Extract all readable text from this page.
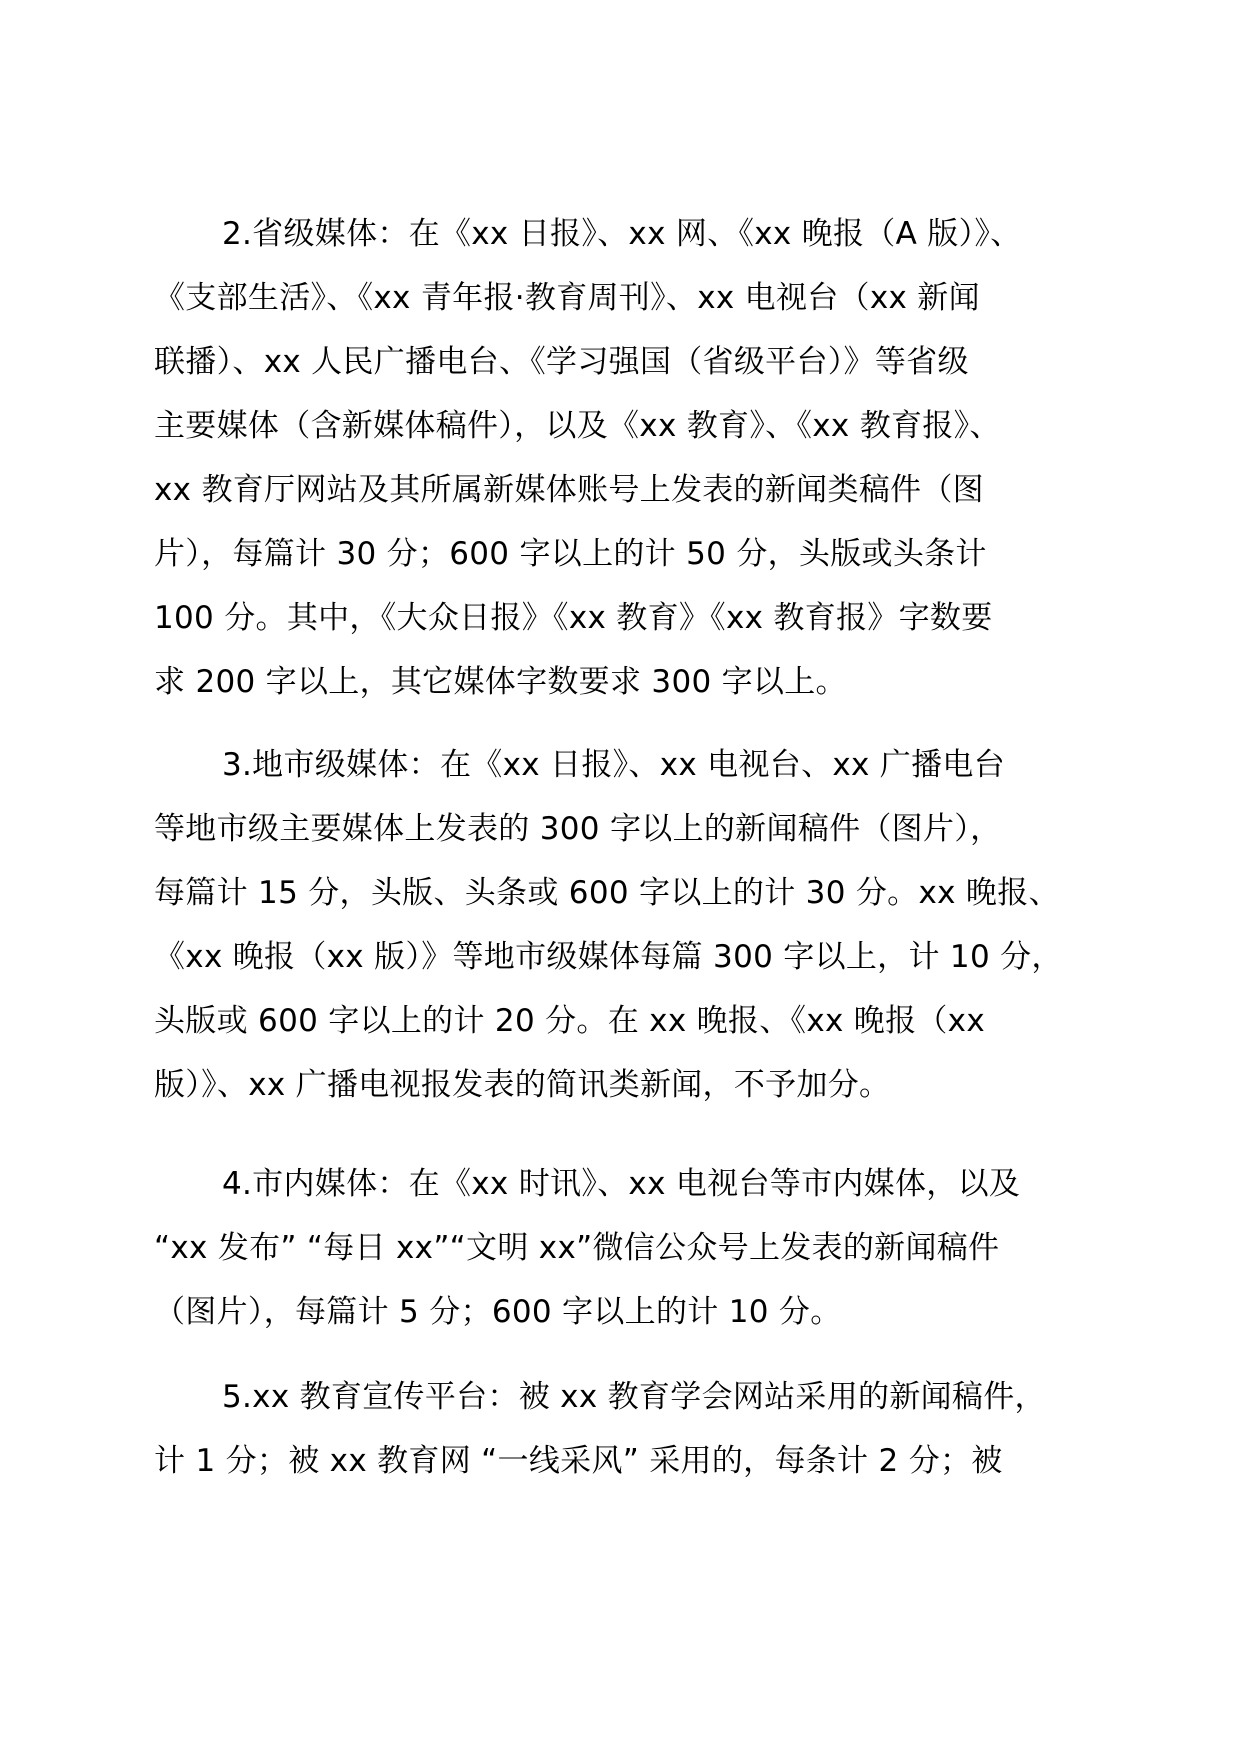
2.省级媒体：在《xx 日报》、xx 网、《xx 晚报（A 版）》、
《支部生活》、《xx 青年报·教育周刊》、xx 电视台（xx 新闻
联播）、xx 人民广播电台、《学习强国（省级平台）》等省级
主要媒体（含新媒体稿件），以及《xx 教育》、《xx 教育报》、
xx 教育厅网站及其所属新媒体账号上发表的新闻类稿件（图
片），每篇计 30 分；600 字以上的计 50 分，头版或头条计
100 分。其中，《大众日报》《xx 教育》《xx 教育报》字数要
求 200 字以上，其它媒体字数要求 300 字以上。
3.地市级媒体：在《xx 日报》、xx 电视台、xx 广播电台
等地市级主要媒体上发表的 300 字以上的新闻稿件（图片），
每篇计 15 分，头版、头条或 600 字以上的计 30 分。xx 晚报、
《xx 晚报（xx 版）》等地市级媒体每篇 300 字以上，计 10 分，
头版或 600 字以上的计 20 分。在 xx 晚报、《xx 晚报（xx
版）》、xx 广播电视报发表的简讯类新闻，不予加分。
4.市内媒体：在《xx 时讯》、xx 电视台等市内媒体，以及
“xx 发布” “每日 xx”“文明 xx”微信公众号上发表的新闻稿件
（图片），每篇计 5 分；600 字以上的计 10 分。
5.xx 教育宣传平台：被 xx 教育学会网站采用的新闻稿件，
计 1 分；被 xx 教育网 “一线采风” 采用的，每条计 2 分；被
